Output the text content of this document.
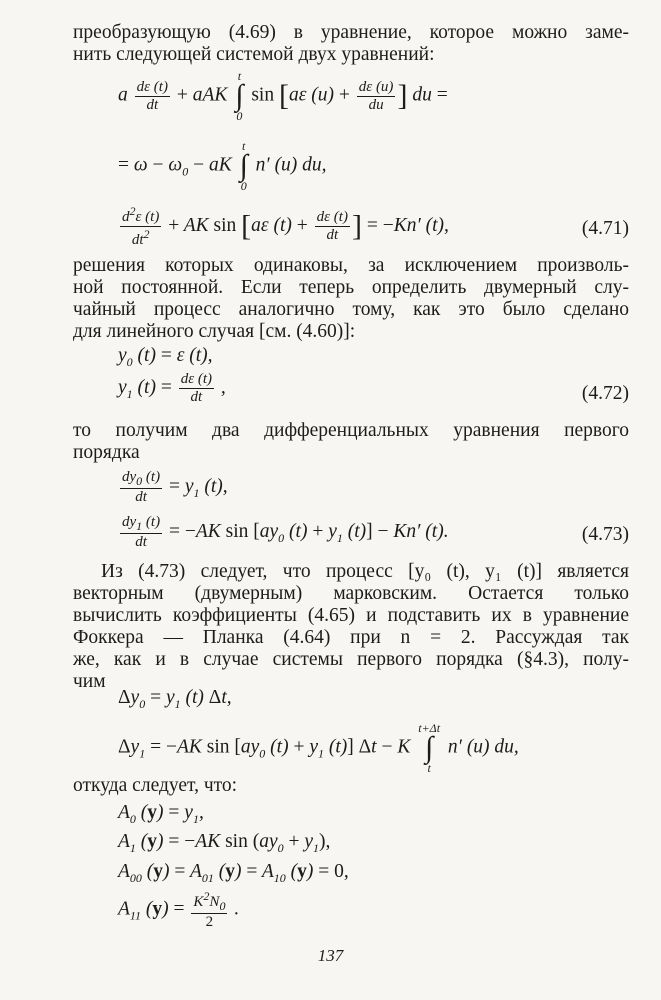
преобразующую (4.69) в уравнение, которое можно заме-
нить следующей системой двух уравнений:
a $\frac{d\varepsilon (t)}{dt}$ + aAK
t
∫
0
sin [aε $(u) + \frac{d\varepsilon (u)}{du}$ ] du =
= $\omega - \omega_0$ − aK
t
∫
0
n′ (u) du,
$\frac{d^2\varepsilon (t)}{dt^2}$ + AK sin [aε $(t) + \frac{d\varepsilon (t)}{dt}$ ] = −Kn′ (t),	(4.71)
решения которых одинаковы, за исключением произволь-
ной постоянной. Если теперь определить двумерный слу-
чайный процесс аналогично тому, как это было сделано
для линейного случая [см. (4.60)]:
$y_0$ (t) = ε (t),
$y_1$ $(t) = \frac{d\varepsilon (t)}{dt}$ ,	(4.72)
то получим два дифференциальных уравнения первого
порядка
$\frac{dy_0 (t)}{dt} = y_1$ (t),
$\frac{dy_1 (t)}{dt} = -AK$ $\sin [ay_0$ $(t) + y_1$ (t)] − Kn′ (t).	(4.73)
Из (4.73) следует, что процесс [y₀ (t), y₁ (t)] является
векторным (двумерным) марковским. Остается только
вычислить коэффициенты (4.65) и подставить их в уравнение
Фоккера — Планка (4.64) при n = 2. Рассуждая так
же, как и в случае системы первого порядка (§4.3), полу-
чим
$\Delta y_0 = y_1$ (t) Δt,
$\Delta y_1 = -AK$ $\sin [ay_0$ $(t) + y_1$ (t)] Δt − K
t+Δt
∫
t
n′ (u) du,
откуда следует, что:
$A_0$ $(y) = y_1$,
$A_1$ (y) = −AK $\sin (ay_0 + y_1)$,
$A_{00}$ $(y) = A_{01}$ $(y) = A_{10}$ (y) = 0,
$A_{11}$ $(y) = \frac{K^2N_0}{2}$ .
137
